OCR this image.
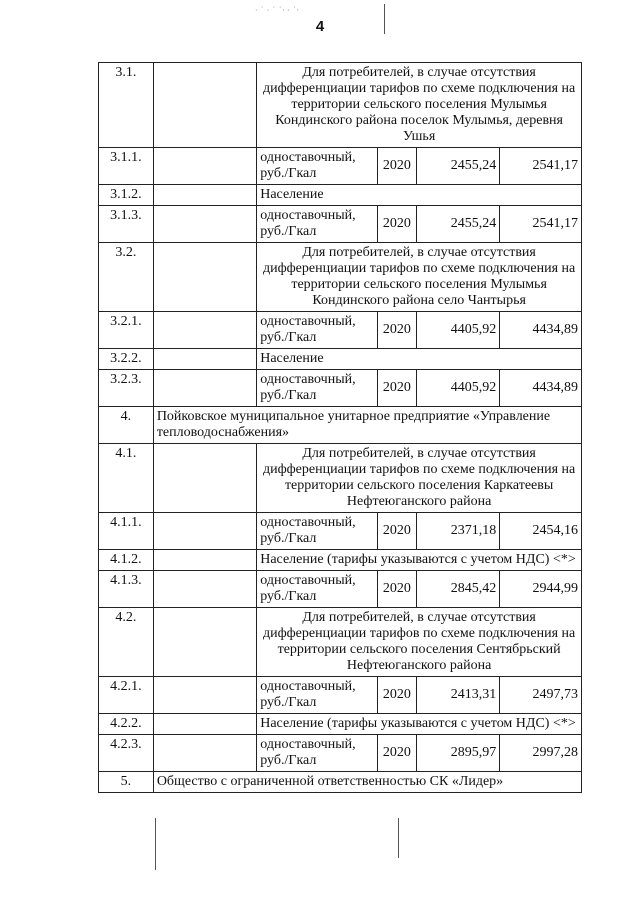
· ˙ · ˙ ˙· · ˙·
4
3.1.		Для потребителей, в случае отсутствия дифференциации тарифов по схеме подключения на территории сельского поселения Мулымья Кондинского района поселок Мулымья, деревня Ушья			
3.1.1.		одноставочный, руб./Гкал	2020	2455,24	2541,17
3.1.2.		Население			
3.1.3.		одноставочный, руб./Гкал	2020	2455,24	2541,17
3.2.		Для потребителей, в случае отсутствия дифференциации тарифов по схеме подключения на территории сельского поселения Мулымья Кондинского района село Чантырья			
3.2.1.		одноставочный, руб./Гкал	2020	4405,92	4434,89
3.2.2.		Население			
3.2.3.		одноставочный, руб./Гкал	2020	4405,92	4434,89
4.	Пойковское муниципальное унитарное предприятие «Управление тепловодоснабжения»				
4.1.		Для потребителей, в случае отсутствия дифференциации тарифов по схеме подключения на территории сельского поселения Каркатеевы Нефтеюганского района			
4.1.1.		одноставочный, руб./Гкал	2020	2371,18	2454,16
4.1.2.		Население (тарифы указываются с учетом НДС) <*>			
4.1.3.		одноставочный, руб./Гкал	2020	2845,42	2944,99
4.2.		Для потребителей, в случае отсутствия дифференциации тарифов по схеме подключения на территории сельского поселения Сентябрьский Нефтеюганского района			
4.2.1.		одноставочный, руб./Гкал	2020	2413,31	2497,73
4.2.2.		Население (тарифы указываются с учетом НДС) <*>			
4.2.3.		одноставочный, руб./Гкал	2020	2895,97	2997,28
5.	Общество с ограниченной ответственностью СК «Лидер»				
